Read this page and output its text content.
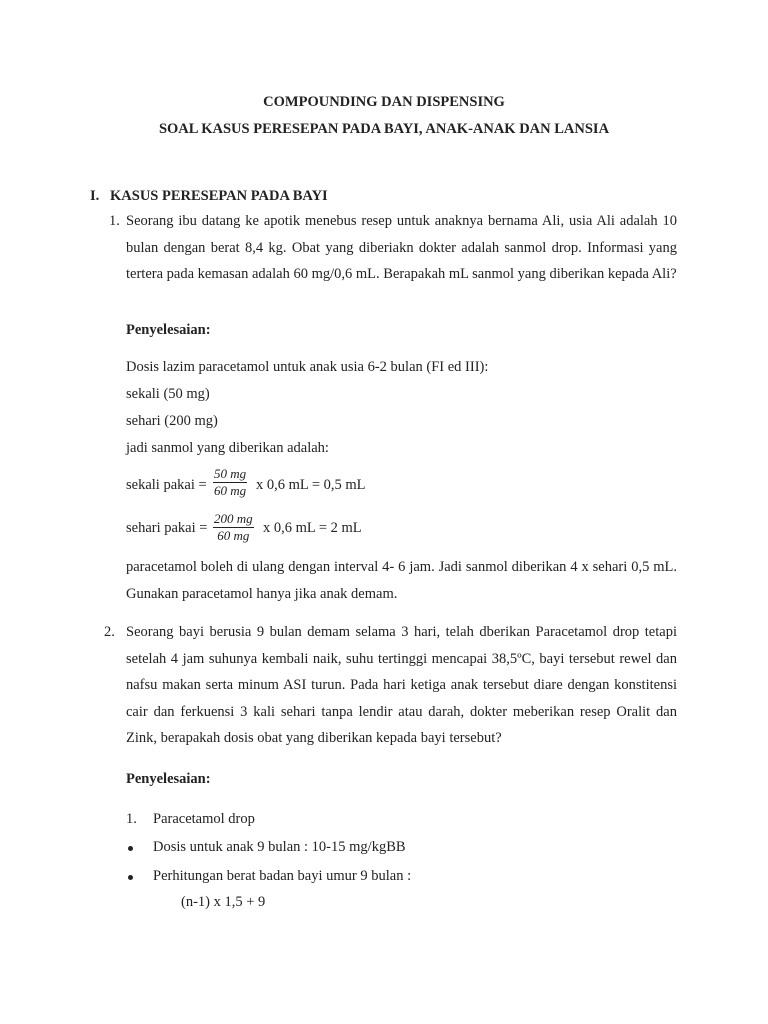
COMPOUNDING DAN DISPENSING
SOAL KASUS PERESEPAN PADA BAYI, ANAK-ANAK DAN LANSIA
I. KASUS PERESEPAN PADA BAYI
1. Seorang ibu datang ke apotik menebus resep untuk anaknya bernama Ali, usia Ali adalah 10 bulan dengan berat 8,4 kg. Obat yang diberiakn dokter adalah sanmol drop. Informasi yang tertera pada kemasan adalah 60 mg/0,6 mL. Berapakah mL sanmol yang diberikan kepada Ali?
Penyelesaian:
Dosis lazim paracetamol untuk anak usia 6-2 bulan (FI ed III):
sekali (50 mg)
sehari (200 mg)
jadi sanmol yang diberikan adalah:
sekali pakai = $\frac{50 mg}{60 mg}$ x 0,6 mL = 0,5 mL
sehari pakai = $\frac{200 mg}{60 mg}$ x 0,6 mL = 2 mL
paracetamol boleh di ulang dengan interval 4- 6 jam. Jadi sanmol diberikan 4 x sehari 0,5 mL. Gunakan paracetamol hanya jika anak demam.
2. Seorang bayi berusia 9 bulan demam selama 3 hari, telah dberikan Paracetamol drop tetapi setelah 4 jam suhunya kembali naik, suhu tertinggi mencapai 38,5ºC, bayi tersebut rewel dan nafsu makan serta minum ASI turun. Pada hari ketiga anak tersebut diare dengan konstitensi cair dan ferkuensi 3 kali sehari tanpa lendir atau darah, dokter meberikan resep Oralit dan Zink, berapakah dosis obat yang diberikan kepada bayi tersebut?
Penyelesaian:
1. Paracetamol drop
Dosis untuk anak 9 bulan : 10-15 mg/kgBB
Perhitungan berat badan bayi umur 9 bulan :
(n-1) x 1,5 + 9
